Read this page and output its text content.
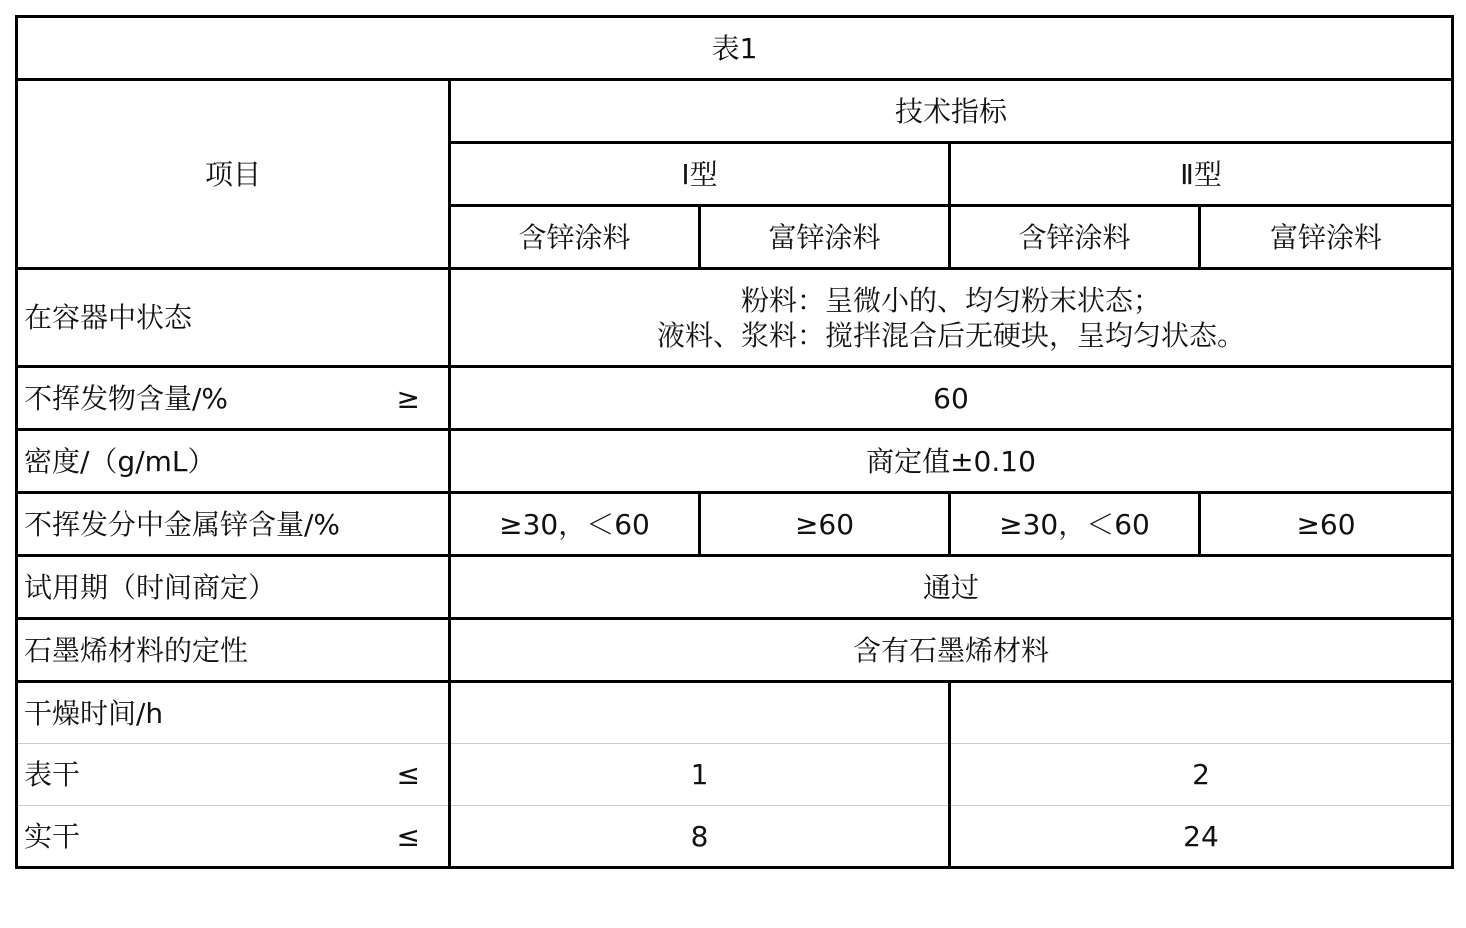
表1				
项目	技术指标			
	Ⅰ型		Ⅱ型	
	含锌涂料	富锌涂料	含锌涂料	富锌涂料
在容器中状态	粉料：呈微小的、均匀粉末状态；
液料、浆料：搅拌混合后无硬块，呈均匀状态。			

不挥发物含量/% ≥	60			
密度/（g/mL）	商定值±0.10			
不挥发分中金属锌含量/%	≥30，＜60	≥60	≥30，＜60	≥60
试用期（时间商定）	通过			
石墨烯材料的定性	含有石墨烯材料			
干燥时间/h				

表干 ≤	1		2	

实干 ≤	8		24	
